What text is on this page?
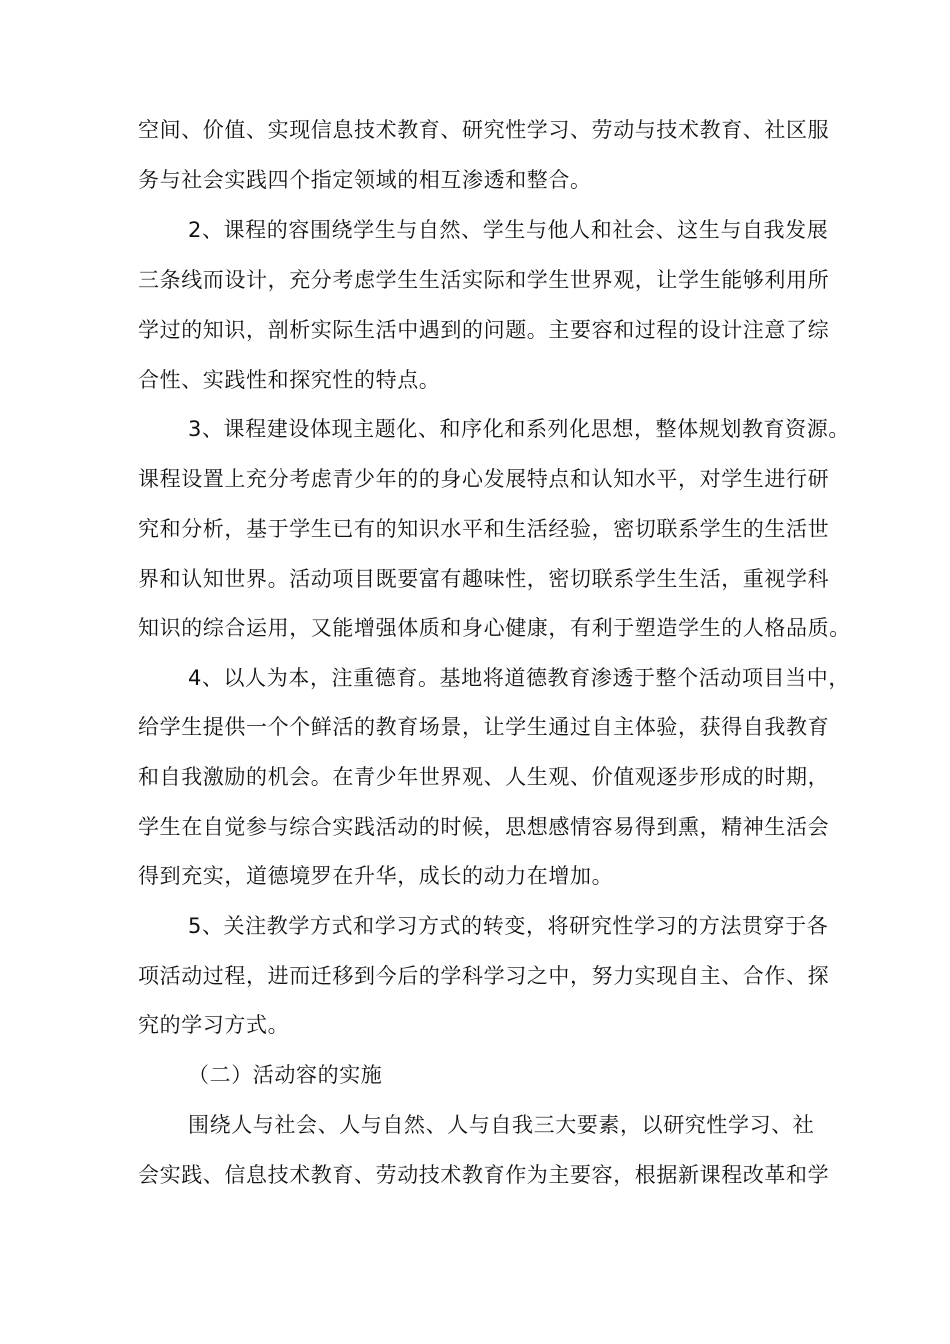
空间、价值、实现信息技术教育、研究性学习、劳动与技术教育、社区服
务与社会实践四个指定领域的相互渗透和整合。
2、课程的容围绕学生与自然、学生与他人和社会、这生与自我发展
三条线而设计，充分考虑学生生活实际和学生世界观，让学生能够利用所
学过的知识，剖析实际生活中遇到的问题。主要容和过程的设计注意了综
合性、实践性和探究性的特点。
3、课程建设体现主题化、和序化和系列化思想，整体规划教育资源。
课程设置上充分考虑青少年的的身心发展特点和认知水平，对学生进行研
究和分析，基于学生已有的知识水平和生活经验，密切联系学生的生活世
界和认知世界。活动项目既要富有趣味性，密切联系学生生活，重视学科
知识的综合运用，又能增强体质和身心健康，有利于塑造学生的人格品质。
4、以人为本，注重德育。基地将道德教育渗透于整个活动项目当中，
给学生提供一个个鲜活的教育场景，让学生通过自主体验，获得自我教育
和自我激励的机会。在青少年世界观、人生观、价值观逐步形成的时期，
学生在自觉参与综合实践活动的时候，思想感情容易得到熏，精神生活会
得到充实，道德境罗在升华，成长的动力在增加。
5、关注教学方式和学习方式的转变，将研究性学习的方法贯穿于各
项活动过程，进而迁移到今后的学科学习之中，努力实现自主、合作、探
究的学习方式。
（二）活动容的实施
围绕人与社会、人与自然、人与自我三大要素，以研究性学习、社
会实践、信息技术教育、劳动技术教育作为主要容，根据新课程改革和学
